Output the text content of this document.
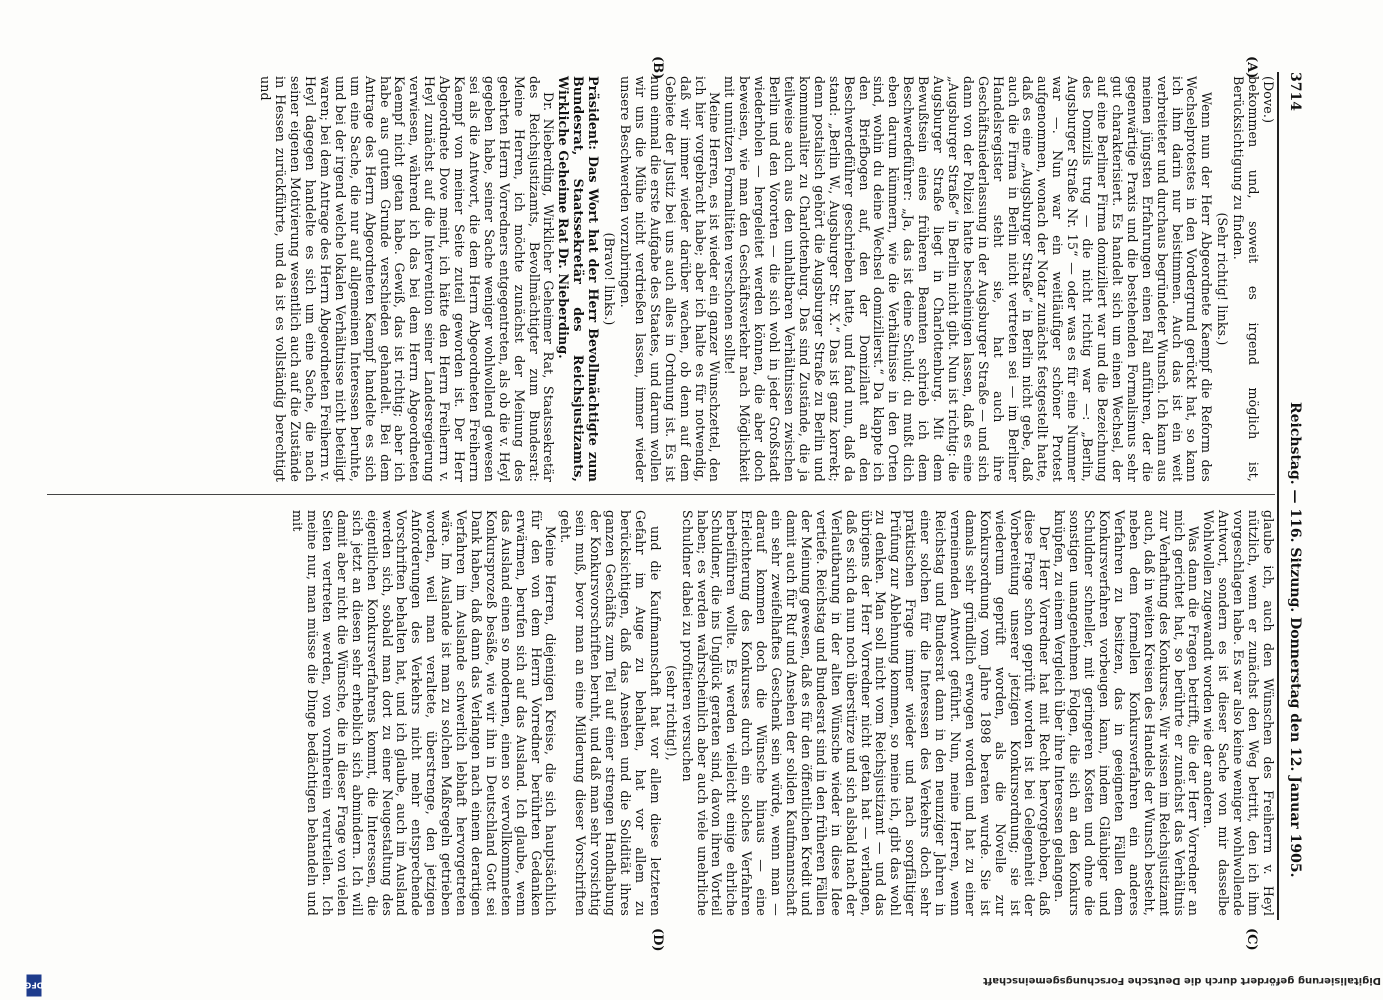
3714
Reichstag. — 116. Sitzung. Donnerstag den 12. Januar 1905.
(A)
(B)
(C)
(D)

(Dove.)

bekommen und, soweit es irgend möglich ist, Berücksichtigung zu finden.

(Sehr richtig! links.)

Wenn nun der Herr Abgeordnete Kaempf die Reform des Wechselprotestes in den Vordergrund gerückt hat, so kann ich ihm darin nur beistimmen. Auch das ist ein weit verbreiteter und durchaus begründeter Wunsch. Ich kann aus meinen jüngsten Erfahrungen einen Fall anführen, der die gegenwärtige Praxis und die bestehenden Formalismus sehr gut charakterisiert. Es handelt sich um einen Wechsel, der auf eine Berliner Firma domiziliert war und die Bezeichnung des Domizils trug — die nicht richtig war —: „Berlin, Augsburger Straße Nr. 15“ — oder was es für eine Nummer war —. Nun war ein weitläufiger schöner Protest aufgenommen, wonach der Notar zunächst festgestellt hatte, daß es eine „Augsburger Straße“ in Berlin nicht gebe, daß auch die Firma in Berlin nicht vertreten sei — im Berliner Handelsregister steht sie, hat auch ihre Geschäftsniederlassung in der Augsburger Straße — und sich dann von der Polizei hatte bescheinigen lassen, daß es eine „Augsburger Straße“ in Berlin nicht gibt. Nun ist richtig: die Augsburger Straße liegt in Charlottenburg. Mit dem Bewußtsein eines früheren Beamten schrieb ich dem Beschwerdeführer: „Ja, das ist deine Schuld; du mußt dich eben darum kümmern, wie die Verhältnisse in den Orten sind, wohin du deine Wechsel domizilierst.“ Da klappte ich den Briefbogen auf, den der Domizilant an den Beschwerdeführer geschrieben hatte, und fand nun, daß da stand: „Berlin W., Augsburger Str. X.“ Das ist ganz korrekt; denn postalisch gehört die Augsburger Straße zu Berlin und kommunaliter zu Charlottenburg. Das sind Zustände, die ja teilweise auch aus den unhaltbaren Verhältnissen zwischen Berlin und den Vororten — die sich wohl in jeder Großstadt wiederholen — hergeleitet werden können, die aber doch beweisen, wie man den Geschäftsverkehr nach Möglichkeit mit unnützen Formalitäten verschonen sollte!

Meine Herren, es ist wieder ein ganzer Wunschzettel, den ich hier vorgebracht habe; aber ich halte es für notwendig, daß wir immer wieder darüber wachen, ob denn auf dem Gebiete der Justiz bei uns auch alles in Ordnung ist. Es ist nun einmal die erste Aufgabe des Staates, und darum wollen wir uns die Mühe nicht verdrießen lassen, immer wieder unsere Beschwerden vorzubringen.

(Bravo! links.)

Präsident: Das Wort hat der Herr Bevollmächtigte zum Bundesrat, Staatssekretär des Reichsjustizamts, Wirkliche Geheime Rat Dr. Nieberding.

Dr. Nieberding, Wirklicher Geheimer Rat, Staatssekretär des Reichsjustizamts, Bevollmächtigter zum Bundesrat: Meine Herren, ich möchte zunächst der Meinung des geehrten Herrn Vorredners entgegentreten, als ob die v. Heyl gegeben habe, seiner Sache weniger wohlwollend gewesen sei als die Antwort, die dem Herrn Abgeordneten Freiherrn Kaempf von meiner Seite zuteil geworden ist. Der Herr Abgeordnete Dove meint, ich hätte den Herrn Freiherrn v. Heyl zunächst auf die Intervention seiner Landesregierung verwiesen, während ich das bei dem Herrn Abgeordneten Kaempf nicht getan habe. Gewiß, das ist richtig; aber ich habe aus gutem Grunde verschieden gehandelt. Bei dem Antrage des Herrn Abgeordneten Kaempf handelte es sich um eine Sache, die nur auf allgemeinen Interessen beruhte, und bei der irgend welche lokalen Verhältnisse nicht beteiligt waren; bei dem Antrage des Herrn Abgeordneten Freiherrn v. Heyl dagegen handelte es sich um eine Sache, die nach seiner eigenen Motivierung wesentlich auch auf die Zustände in Hessen zurückführte, und da ist es vollständig berechtigt und

glaube ich, auch den Wünschen des Freiherrn v. Heyl nützlich, wenn er zunächst den Weg betritt, den ich ihm vorgeschlagen habe. Es war also keine weniger wohlwollende Antwort, sondern es ist dieser Sache von mir dasselbe Wohlwollen zugewandt worden wie der anderen.

Was dann die Fragen betrifft, die der Herr Vorredner an mich gerichtet hat, so berührte er zunächst das Verhältnis zur Verhaftung des Konkurses. Wir wissen im Reichsjustizamt auch, daß in weiten Kreisen des Handels der Wunsch besteht, neben dem formellen Konkursverfahren ein anderes Verfahren zu besitzen, das in geeigneten Fällen dem Konkursverfahren vorbeugen kann, indem Gläubiger und Schuldner schneller, mit geringeren Kosten und ohne die sonstigen unangenehmen Folgen, die sich an den Konkurs knüpfen, zu einem Vergleich über ihre Interessen gelangen.

Der Herr Vorredner hat mit Recht hervorgehoben, daß diese Frage schon geprüft worden ist bei Gelegenheit der Vorbereitung unserer jetzigen Konkursordnung; sie ist wiederum geprüft worden, als die Novelle zur Konkursordnung vom Jahre 1898 beraten wurde. Sie ist damals sehr gründlich erwogen worden und hat zu einer verneinenden Antwort geführt. Nun, meine Herren, wenn Reichstag und Bundesrat dann in den neunziger Jahren in einer solchen für die Interessen des Verkehrs doch sehr praktischen Frage immer wieder und nach sorgfältiger Prüfung zur Ablehnung kommen, so meine ich, gibt das wohl zu denken. Man soll nicht vom Reichsjustizamt — und das übrigens der Herr Vorredner nicht getan hat — verlangen, daß es sich da nun noch überstürze und sich alsbald nach der Verlautbarung in der alten Wünsche wieder in diese Idee vertiefe. Reichstag und Bundesrat sind in den früheren Fällen der Meinung gewesen, daß es für den öffentlichen Kredit und damit auch für Ruf und Ansehen der soliden Kaufmannschaft ein sehr zweifelhaftes Geschenk sein würde, wenn man — darauf kommen doch die Wünsche hinaus — eine Erleichterung des Konkurses durch ein solches Verfahren herbeiführen wollte. Es werden vielleicht einige ehrliche Schuldner, die ins Unglück geraten sind, davon ihren Vorteil haben; es werden wahrscheinlich aber auch viele unehrliche Schuldner dabei zu profitieren versuchen

(sehr richtig!),

und die Kaufmannschaft hat vor allem diese letzteren Gefahr im Auge zu behalten, hat vor allem zu berücksichtigen, daß das Ansehen und die Solidität ihres ganzen Geschäfts zum Teil auf einer strengen Handhabung der Konkursvorschriften beruht, und daß man sehr vorsichtig sein muß, bevor man an eine Milderung dieser Vorschriften geht.

Meine Herren, diejenigen Kreise, die sich hauptsächlich für den von dem Herrn Vorredner berührten Gedanken erwärmen, berufen sich auf das Ausland. Ich glaube, wenn das Ausland einen so modernen, einen so vervollkommneten Konkursprozeß besäße, wie wir ihn in Deutschland Gott sei Dank haben, daß dann das Verlangen nach einem derartigen Verfahren im Auslande schwerlich lebhaft hervorgetreten wäre. Im Auslande ist man zu solchen Maßregeln getrieben worden, weil man veraltete, überstrenge, den jetzigen Anforderungen des Verkehrs nicht mehr entsprechende Vorschriften behalten hat, und ich glaube, auch im Ausland werden sich, sobald man dort zu einer Neugestaltung des eigentlichen Konkursverfahrens kommt, die Interessen, die sich jetzt an diesen sehr erheblich sich abmindern. Ich will damit aber nicht die Wünsche, die in dieser Frage von vielen Seiten vertreten werden, von vornherein verurteilen. Ich meine nur, man müsse die Dinge bedächtigen behandeln und mit

Digitalisierung gefördert durch die Deutsche Forschungsgemeinschaft
DFG
